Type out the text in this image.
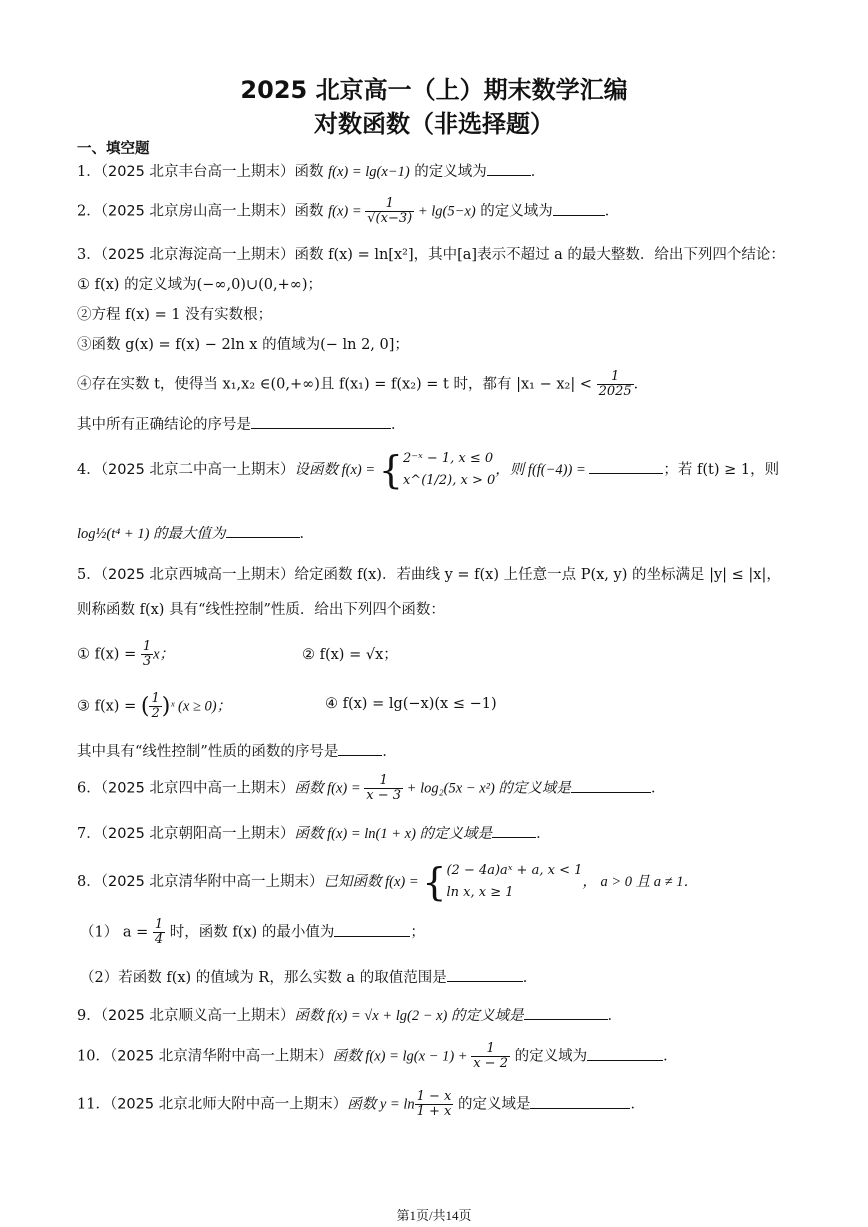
2025 北京高一（上）期末数学汇编
对数函数（非选择题）
一、填空题
1．（2025 北京丰台高一上期末）函数 f(x) = lg(x−1) 的定义域为	．
2．（2025 北京房山高一上期末）函数 $f(x) = \frac{1}{√(x-3)} + \lg(5-x)$ 的定义域为	．
3．（2025 北京海淀高一上期末）函数 f(x) = ln[x²]，其中[a]表示不超过 a 的最大整数．给出下列四个结论：
① f(x) 的定义域为(−∞,0)∪(0,+∞)；
②方程 f(x) = 1 没有实数根；
③函数 g(x) = f(x) − 2ln x 的值域为(− ln 2, 0]；
④存在实数 t，使得当 x₁,x₂ ∈(0,+∞)且 f(x₁) = f(x₂) = t 时，都有 $|x_1 - x_2| < \frac{1}{2025}$ ．
其中所有正确结论的序号是	．
4．（2025 北京二中高一上期末）设函数 f(x) = { 2⁻ˣ − 1, x ≤ 0
x^(1/2), x > 0
，则 f(f(−4)) =	；若 f(t) ≥ 1，则
log½(t⁴ + 1) 的最大值为	．
5．（2025 北京西城高一上期末）给定函数 f(x)．若曲线 y = f(x) 上任意一点 P(x, y) 的坐标满足 |y| ≤ |x|，
则称函数 f(x) 具有“线性控制”性质．给出下列四个函数：
① $f(x) = \frac{1}{3}$ x；	② f(x) = √x；
③ f(x) = ( $\frac{1}{2}$ )ˣ (x ≥ 0)；	④ f(x) = lg(−x)(x ≤ −1)
其中具有“线性控制”性质的函数的序号是	．
6．（2025 北京四中高一上期末）函数 $f(x) = \frac{1}{x - 3} + \log_2(5x - x^2)$ 的定义域是	．
7．（2025 北京朝阳高一上期末）函数 f(x) = ln(1 + x) 的定义域是	．
8．（2025 北京清华附中高一上期末）已知函数 f(x) = { (2 − 4a)aˣ + a, x < 1
ln x, x ≥ 1
， a > 0 且 a ≠ 1．
（1） $a = \frac{1}{4}$ 时，函数 f(x) 的最小值为	；
（2）若函数 f(x) 的值域为 R，那么实数 a 的取值范围是	．
9．（2025 北京顺义高一上期末）函数 f(x) = √x + lg(2 − x) 的定义域是	．
10．（2025 北京清华附中高一上期末）函数 $f(x) = \lg(x - 1) + \frac{1}{x - 2}$ 的定义域为	．
11．（2025 北京北师大附中高一上期末）函数 $y = \ln \frac{1 - x}{1 + x}$ 的定义域是	．
第1页/共14页
